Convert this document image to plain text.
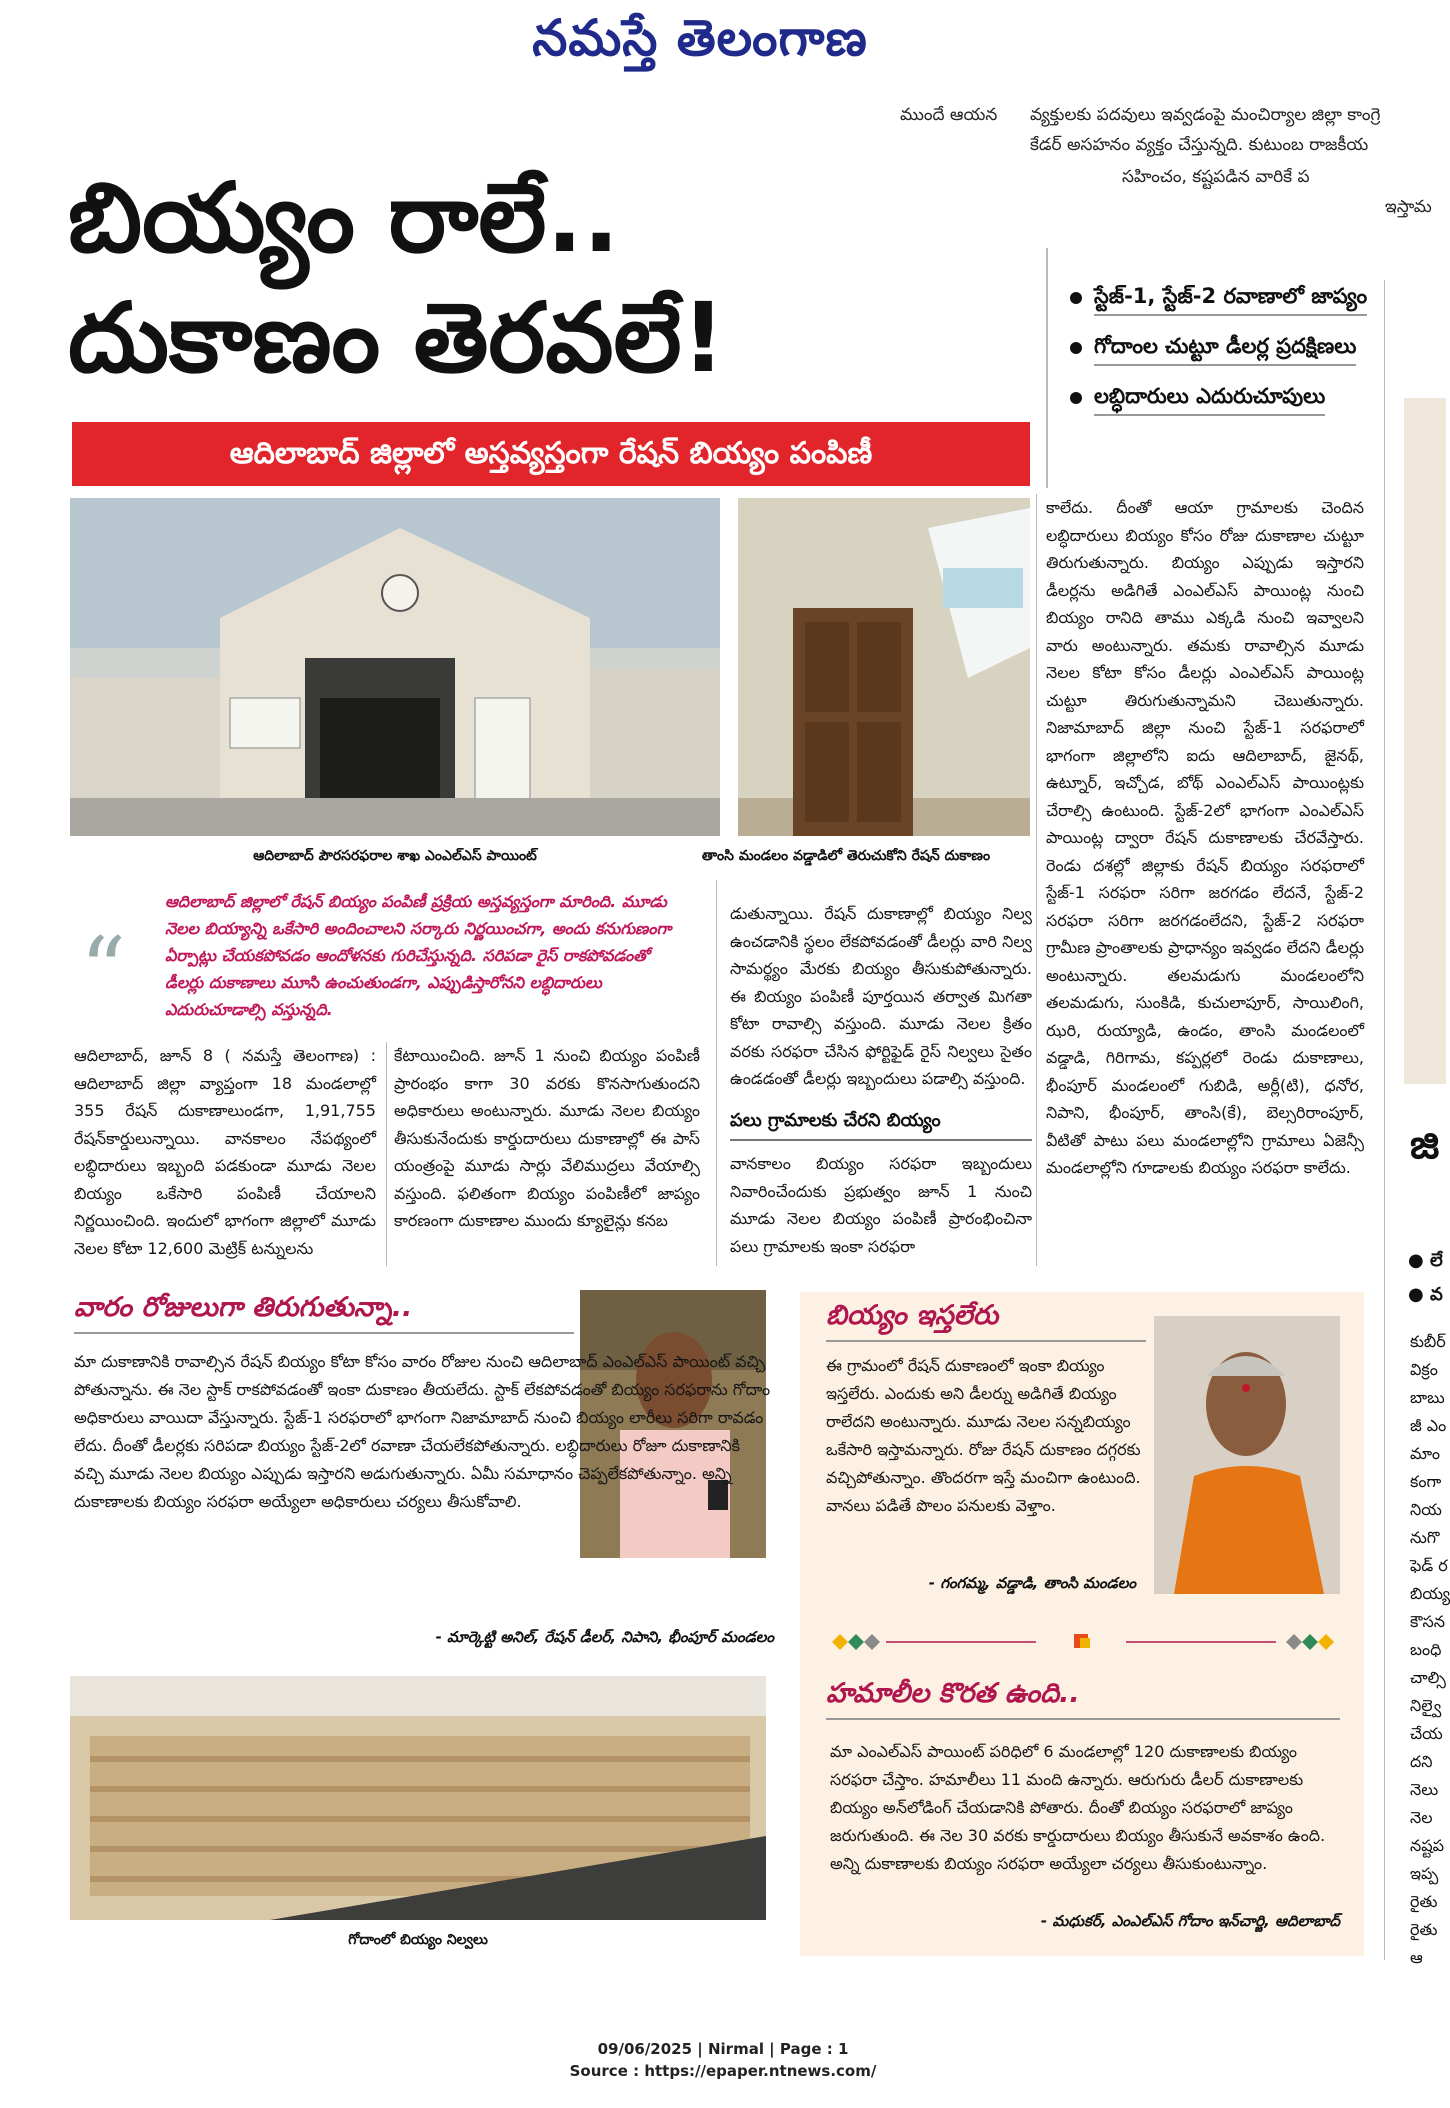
నమస్తే తెలంగాణ
ముందే ఆయన వ్యక్తులకు పదవులు ఇవ్వడంపై మంచిర్యాల జిల్లా కాంగ్రె
కేడర్ అసహనం వ్యక్తం చేస్తున్నది. కుటుంబ రాజకీయ
సహించం, కష్టపడిన వారికే ప
ఇస్తామ
బియ్యం రాలే..
దుకాణం తెరవలే!
ఆదిలాబాద్ జిల్లాలో అస్తవ్యస్తంగా రేషన్ బియ్యం పంపిణీ
స్టేజ్-1, స్టేజ్-2 రవాణాలో జాప్యం
గోదాంల చుట్టూ డీలర్ల ప్రదక్షిణలు
లబ్ధిదారులు ఎదురుచూపులు
ఆదిలాబాద్ పౌరసరఫరాల శాఖ ఎంఎల్ఎస్ పాయింట్	తాంసి మండలం వడ్డాడిలో తెరుచుకోని రేషన్ దుకాణం
“
ఆదిలాబాద్ జిల్లాలో రేషన్ బియ్యం పంపిణీ ప్రక్రియ అస్తవ్యస్తంగా మారింది. మూడు నెలల బియ్యాన్ని ఒకేసారి అందించాలని సర్కారు నిర్ణయించగా, అందు కనుగుణంగా ఏర్పాట్లు చేయకపోవడం ఆందోళనకు గురిచేస్తున్నది. సరిపడా రైస్ రాకపోవడంతో డీలర్లు దుకాణాలు మూసి ఉంచుతుండగా, ఎప్పుడిస్తారోనని లబ్ధిదారులు ఎదురుచూడాల్సి వస్తున్నది.
ఆదిలాబాద్, జూన్ 8 ( నమస్తే తెలంగాణ) : ఆదిలాబాద్ జిల్లా వ్యాప్తంగా 18 మండలాల్లో 355 రేషన్ దుకాణాలుండగా, 1,91,755 రేషన్‌కార్డులున్నాయి. వానకాలం నేపథ్యంలో లబ్ధిదారులు ఇబ్బంది పడకుండా మూడు నెలల బియ్యం ఒకేసారి పంపిణీ చేయాలని నిర్ణయించింది. ఇందులో భాగంగా జిల్లాలో మూడు నెలల కోటా 12,600 మెట్రిక్ టన్నులను
కేటాయించింది. జూన్ 1 నుంచి బియ్యం పంపిణీ ప్రారంభం కాగా 30 వరకు కొనసాగుతుందని అధికారులు అంటున్నారు. మూడు నెలల బియ్యం తీసుకునేందుకు కార్డుదారులు దుకాణాల్లో ఈ పాస్ యంత్రంపై మూడు సార్లు వేలిముద్రలు వేయాల్సి వస్తుంది. ఫలితంగా బియ్యం పంపిణీలో జాప్యం కారణంగా దుకాణాల ముందు క్యూలైన్లు కనబ
డుతున్నాయి. రేషన్ దుకాణాల్లో బియ్యం నిల్వ ఉంచడానికి స్థలం లేకపోవడంతో డీలర్లు వారి నిల్వ సామర్థ్యం మేరకు బియ్యం తీసుకుపోతున్నారు. ఈ బియ్యం పంపిణీ పూర్తయిన తర్వాత మిగతా కోటా రావాల్సి వస్తుంది. మూడు నెలల క్రితం వరకు సరఫరా చేసిన ఫోర్టిఫైడ్ రైస్ నిల్వలు సైతం ఉండడంతో డీలర్లు ఇబ్బందులు పడాల్సి వస్తుంది.
పలు గ్రామాలకు చేరని బియ్యం
వానకాలం బియ్యం సరఫరా ఇబ్బందులు నివారించేందుకు ప్రభుత్వం జూన్ 1 నుంచి మూడు నెలల బియ్యం పంపిణీ ప్రారంభించినా పలు గ్రామాలకు ఇంకా సరఫరా
కాలేదు. దీంతో ఆయా గ్రామాలకు చెందిన లబ్ధిదారులు బియ్యం కోసం రోజు దుకాణాల చుట్టూ తిరుగుతున్నారు. బియ్యం ఎప్పుడు ఇస్తారని డీలర్లను అడిగితే ఎంఎల్ఎస్ పాయింట్ల నుంచి బియ్యం రానిది తాము ఎక్కడి నుంచి ఇవ్వాలని వారు అంటున్నారు. తమకు రావాల్సిన మూడు నెలల కోటా కోసం డీలర్లు ఎంఎల్ఎస్ పాయింట్ల చుట్టూ తిరుగుతున్నామని చెబుతున్నారు. నిజామాబాద్ జిల్లా నుంచి స్టేజ్-1 సరఫరాలో భాగంగా జిల్లాలోని ఐదు ఆదిలాబాద్, జైనథ్, ఉట్నూర్, ఇచ్చోడ, బోథ్ ఎంఎల్ఎస్ పాయింట్లకు చేరాల్సి ఉంటుంది. స్టేజ్-2లో భాగంగా ఎంఎల్ఎస్ పాయింట్ల ద్వారా రేషన్ దుకాణాలకు చేరవేస్తారు. రెండు దశల్లో జిల్లాకు రేషన్ బియ్యం సరఫరాలో స్టేజ్-1 సరఫరా సరిగా జరగడం లేదనే, స్టేజ్-2 సరఫరా సరిగా జరగడంలేదని, స్టేజ్-2 సరఫరా గ్రామీణ ప్రాంతాలకు ప్రాధాన్యం ఇవ్వడం లేదని డీలర్లు అంటున్నారు. తలమడుగు మండలంలోని తలమడుగు, సుంకిడి, కుచులాపూర్, సాయిలింగి, ఝరి, రుయ్యాడి, ఉండం, తాంసి మండలంలో వడ్డాడి, గిరిగామ, కప్పర్లలో రెండు దుకాణాలు, భీంపూర్ మండలంలో గుబిడి, అర్లీ(టి), ధనోర, నిపాని, భీంపూర్, తాంసి(కే), బెల్సరిరాంపూర్, వీటితో పాటు పలు మండలాల్లోని గ్రామాలు ఏజెన్సీ మండలాల్లోని గూడాలకు బియ్యం సరఫరా కాలేదు.
వారం రోజులుగా తిరుగుతున్నా..
మా దుకాణానికి రావాల్సిన రేషన్ బియ్యం కోటా కోసం వారం రోజుల నుంచి ఆదిలాబాద్ ఎంఎల్ఎస్ పాయింట్ వచ్చి పోతున్నాను. ఈ నెల స్టాక్ రాకపోవడంతో ఇంకా దుకాణం తీయలేదు. స్టాక్ లేకపోవడంతో బియ్యం సరఫరాను గోదాం అధికారులు వాయిదా వేస్తున్నారు. స్టేజ్-1 సరఫరాలో భాగంగా నిజామాబాద్ నుంచి బియ్యం లారీలు సరిగా రావడం లేదు. దీంతో డీలర్లకు సరిపడా బియ్యం స్టేజ్-2లో రవాణా చేయలేకపోతున్నారు. లబ్ధిదారులు రోజూ దుకాణానికి వచ్చి మూడు నెలల బియ్యం ఎప్పుడు ఇస్తారని అడుగుతున్నారు. ఏమీ సమాధానం చెప్పలేకపోతున్నాం. అన్ని దుకాణాలకు బియ్యం సరఫరా అయ్యేలా అధికారులు చర్యలు తీసుకోవాలి.
- మార్కెట్టి అనిల్, రేషన్ డీలర్, నిపాని, భీంపూర్ మండలం
గోదాంలో బియ్యం నిల్వలు
బియ్యం ఇస్తలేరు
ఈ గ్రామంలో రేషన్ దుకాణంలో ఇంకా బియ్యం ఇస్తలేరు. ఎందుకు అని డీలర్ను అడిగితే బియ్యం రాలేదని అంటున్నారు. మూడు నెలల సన్నబియ్యం ఒకేసారి ఇస్తామన్నారు. రోజు రేషన్ దుకాణం దగ్గరకు వచ్చిపోతున్నాం. తొందరగా ఇస్తే మంచిగా ఉంటుంది. వానలు పడితే పొలం పనులకు వెళ్తాం.
- గంగమ్మ, వడ్డాడి, తాంసి మండలం
హమాలీల కొరత ఉంది..
మా ఎంఎల్ఎస్ పాయింట్ పరిధిలో 6 మండలాల్లో 120 దుకాణాలకు బియ్యం సరఫరా చేస్తాం. హమాలీలు 11 మంది ఉన్నారు. ఆరుగురు డీలర్ దుకాణాలకు బియ్యం అన్‌లోడింగ్ చేయడానికి పోతారు. దీంతో బియ్యం సరఫరాలో జాప్యం జరుగుతుంది. ఈ నెల 30 వరకు కార్డుదారులు బియ్యం తీసుకునే అవకాశం ఉంది. అన్ని దుకాణాలకు బియ్యం సరఫరా అయ్యేలా చర్యలు తీసుకుంటున్నాం.
- మధుకర్, ఎంఎల్ఎస్ గోదాం ఇన్‌చార్జి, ఆదిలాబాద్
జి
● లే
● వ
కుబీర్
విక్రం
బాబు
జీ ఎం
మాం
కంగా
నియ
నుగొ
ఫెడ్ ర
బియ్య
కౌసన
బంధి
చాల్సి
నిల్వై
చేయ
దని
నెలు
నెల
నష్టప
ఇప్ప
రైతు
రైతు
ఆ
09/06/2025 | Nirmal | Page : 1
Source : https://epaper.ntnews.com/
